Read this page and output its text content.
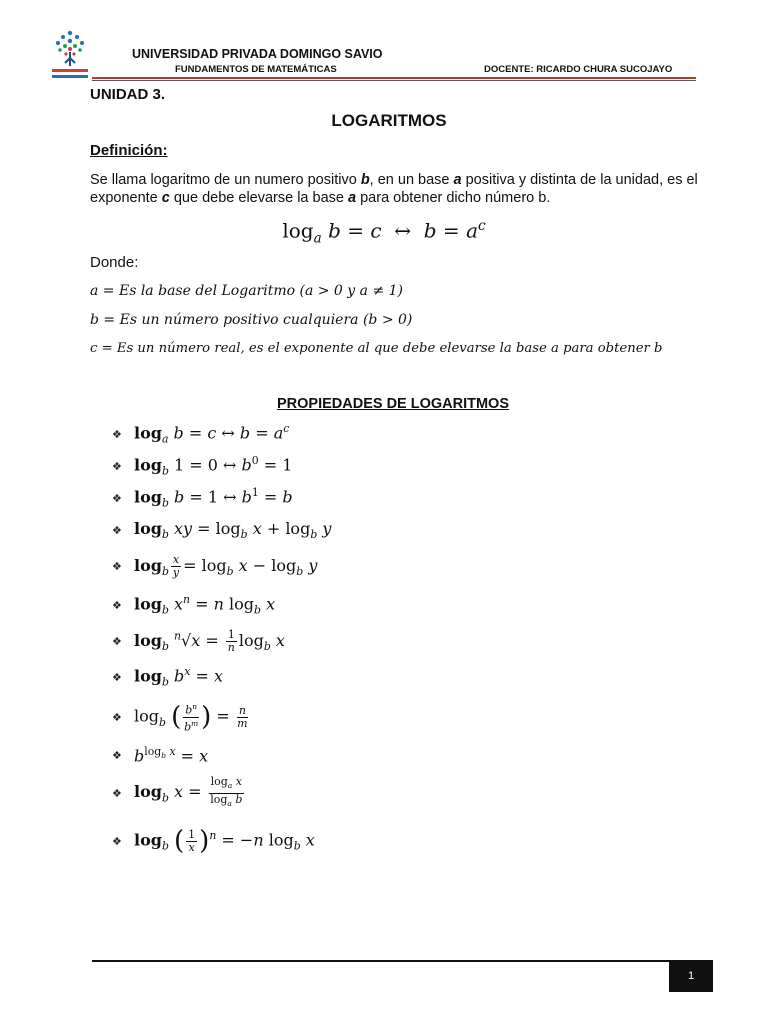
UNIVERSIDAD PRIVADA DOMINGO SAVIO
FUNDAMENTOS DE MATEMÁTICAS	DOCENTE: RICARDO CHURA SUCOJAYO
UNIDAD 3.
LOGARITMOS
Definición:
Se llama logaritmo de un numero positivo b, en un base a positiva y distinta de la unidad, es el exponente c que debe elevarse la base a para obtener dicho número b.
$\log_a b = c$  ↔  $b = a^c$
Donde:
a = Es la base del Logaritmo (a > 0 y a ≠ 1)
b = Es un número positivo cualquiera (b > 0)
c = Es un número real, es el exponente al que debe elevarse la base a para obtener b
PROPIEDADES DE LOGARITMOS
❖ $\log_a b = c$ ↔ $b = a^c$
❖ $\log_b 1 = 0$ ↔ $b^0 = 1$
❖ $\log_b b = 1$ ↔ $b^1 = b$
❖ $\log_b$ xy = $\log_b x + \log_b y$
❖ $\log_b \frac{x}{y} = \log_b x - \log_b y$
❖ $\log_b x^n = n$ $\log_b x$
❖ $\log_b ^n√x = \frac{1}{n} \log_b x$
❖ $\log_b b^x = x$
❖ $\log_b$ ( $\frac{b^n}{b^m}$ ) = $\frac{n}{m}$
❖ $b^{log_b x} = x$
❖ $\log_b x = \frac{\log_a x}{\log_a b}$
❖ $\log_b$ ( $\frac{1}{x} )^n = -n$ $\log_b x$
1
